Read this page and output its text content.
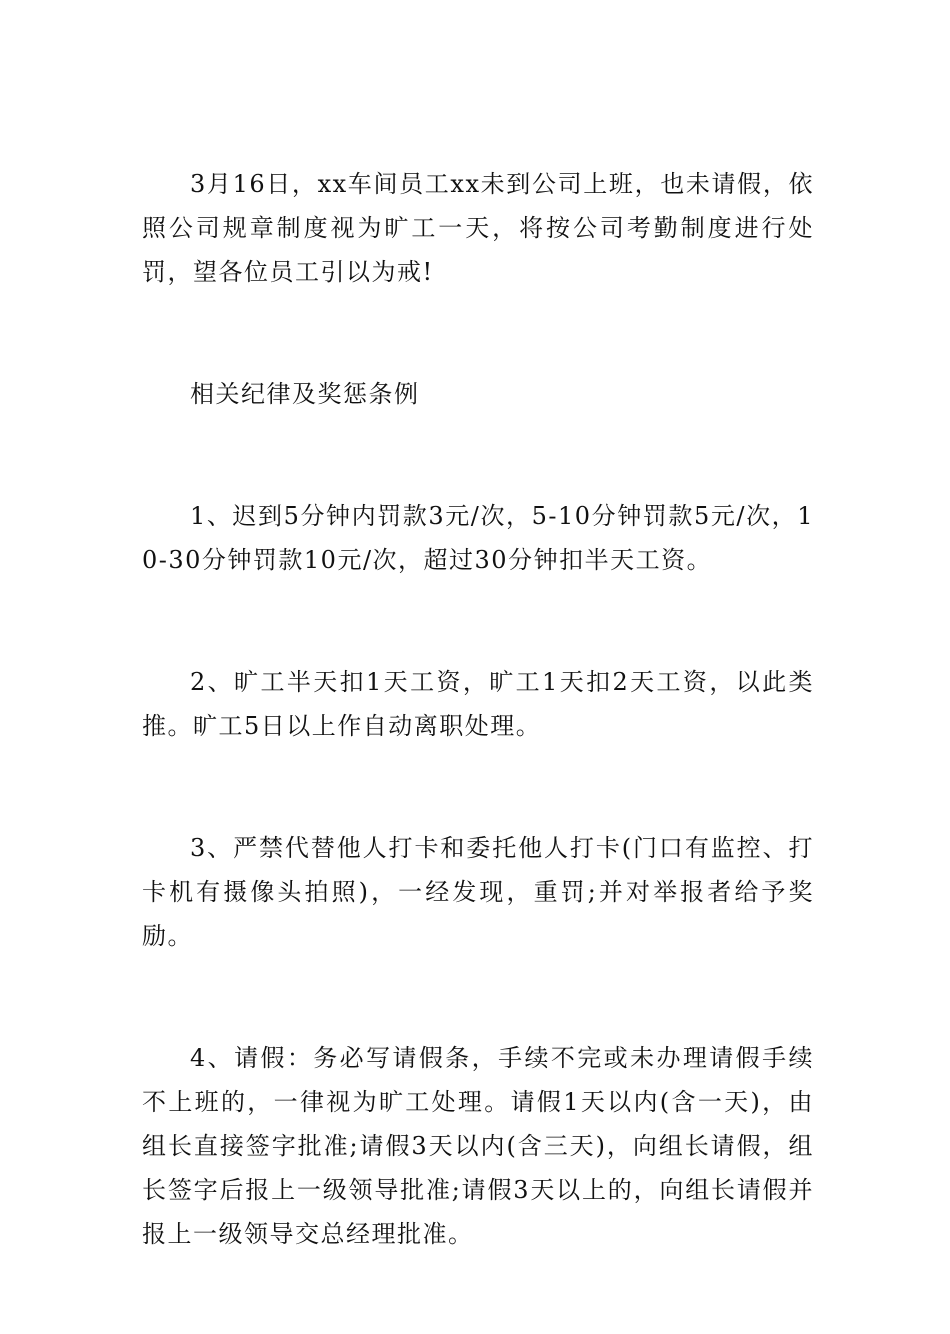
3月16日，xx车间员工xx未到公司上班，也未请假，依照公司规章制度视为旷工一天，将按公司考勤制度进行处罚，望各位员工引以为戒!

相关纪律及奖惩条例

1、迟到5分钟内罚款3元/次，5-10分钟罚款5元/次，10-30分钟罚款10元/次，超过30分钟扣半天工资。

2、旷工半天扣1天工资，旷工1天扣2天工资，以此类推。旷工5日以上作自动离职处理。

3、严禁代替他人打卡和委托他人打卡(门口有监控、打卡机有摄像头拍照)，一经发现，重罚;并对举报者给予奖励。

4、请假：务必写请假条，手续不完或未办理请假手续不上班的，一律视为旷工处理。请假1天以内(含一天)，由组长直接签字批准;请假3天以内(含三天)，向组长请假，组长签字后报上一级领导批准;请假3天以上的，向组长请假并报上一级领导交总经理批准。
